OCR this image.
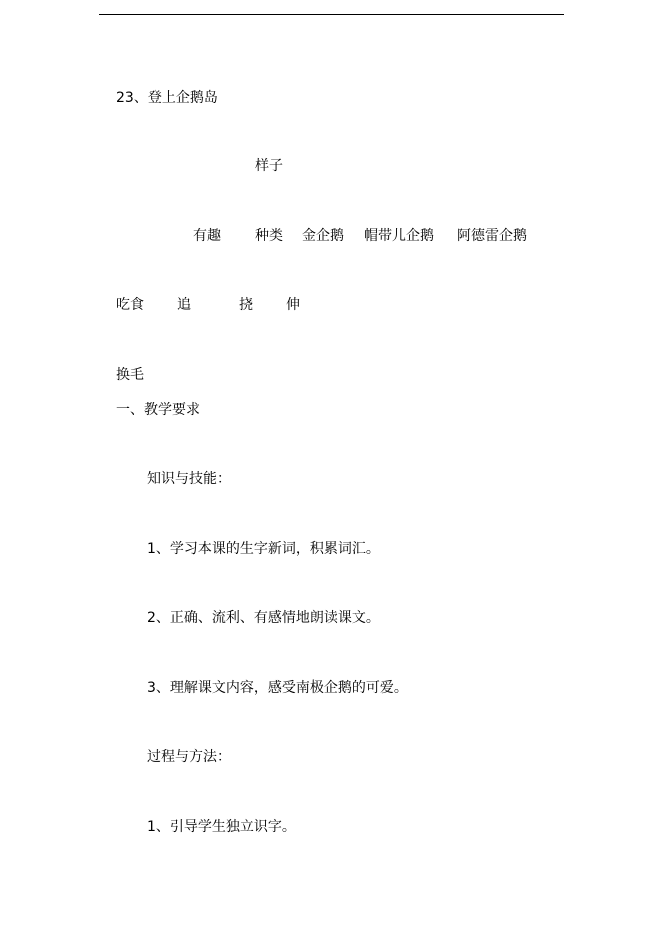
23、登上企鹅岛
样子
有趣 种类 金企鹅 帽带儿企鹅 阿德雷企鹅
吃食 追	挠 伸
换毛
一、教学要求
知识与技能：
1、学习本课的生字新词，积累词汇。
2、正确、流利、有感情地朗读课文。
3、理解课文内容，感受南极企鹅的可爱。
过程与方法：
1、引导学生独立识字。
